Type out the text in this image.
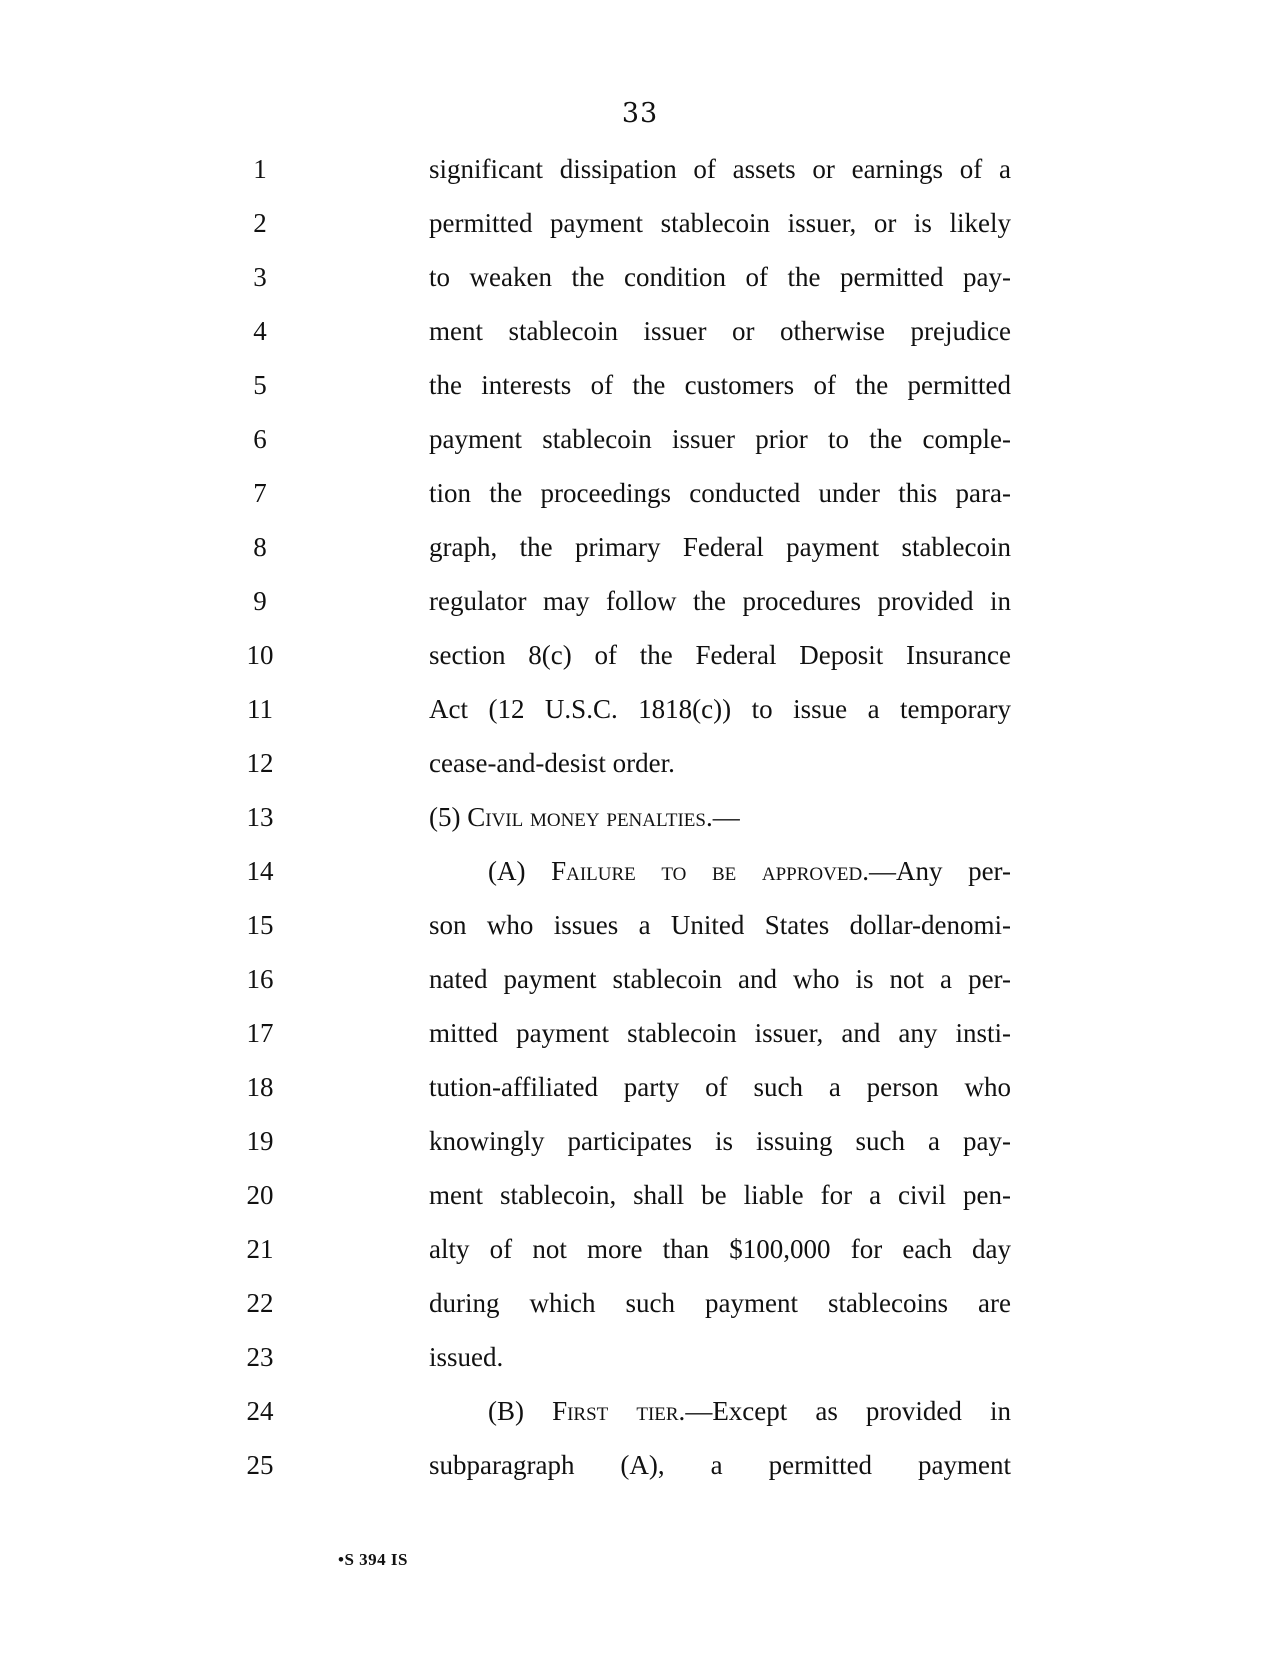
33
1	significant dissipation of assets or earnings of a
2	permitted payment stablecoin issuer, or is likely
3	to weaken the condition of the permitted pay-
4	ment stablecoin issuer or otherwise prejudice
5	the interests of the customers of the permitted
6	payment stablecoin issuer prior to the comple-
7	tion the proceedings conducted under this para-
8	graph, the primary Federal payment stablecoin
9	regulator may follow the procedures provided in
10	section 8(c) of the Federal Deposit Insurance
11	Act (12 U.S.C. 1818(c)) to issue a temporary
12	cease-and-desist order.
13	(5) Civil money penalties.—
14	(A) Failure to be approved.—Any per-
15	son who issues a United States dollar-denomi-
16	nated payment stablecoin and who is not a per-
17	mitted payment stablecoin issuer, and any insti-
18	tution-affiliated party of such a person who
19	knowingly participates is issuing such a pay-
20	ment stablecoin, shall be liable for a civil pen-
21	alty of not more than $100,000 for each day
22	during which such payment stablecoins are
23	issued.
24	(B) First tier.—Except as provided in
25	subparagraph (A), a permitted payment
•S 394 IS
